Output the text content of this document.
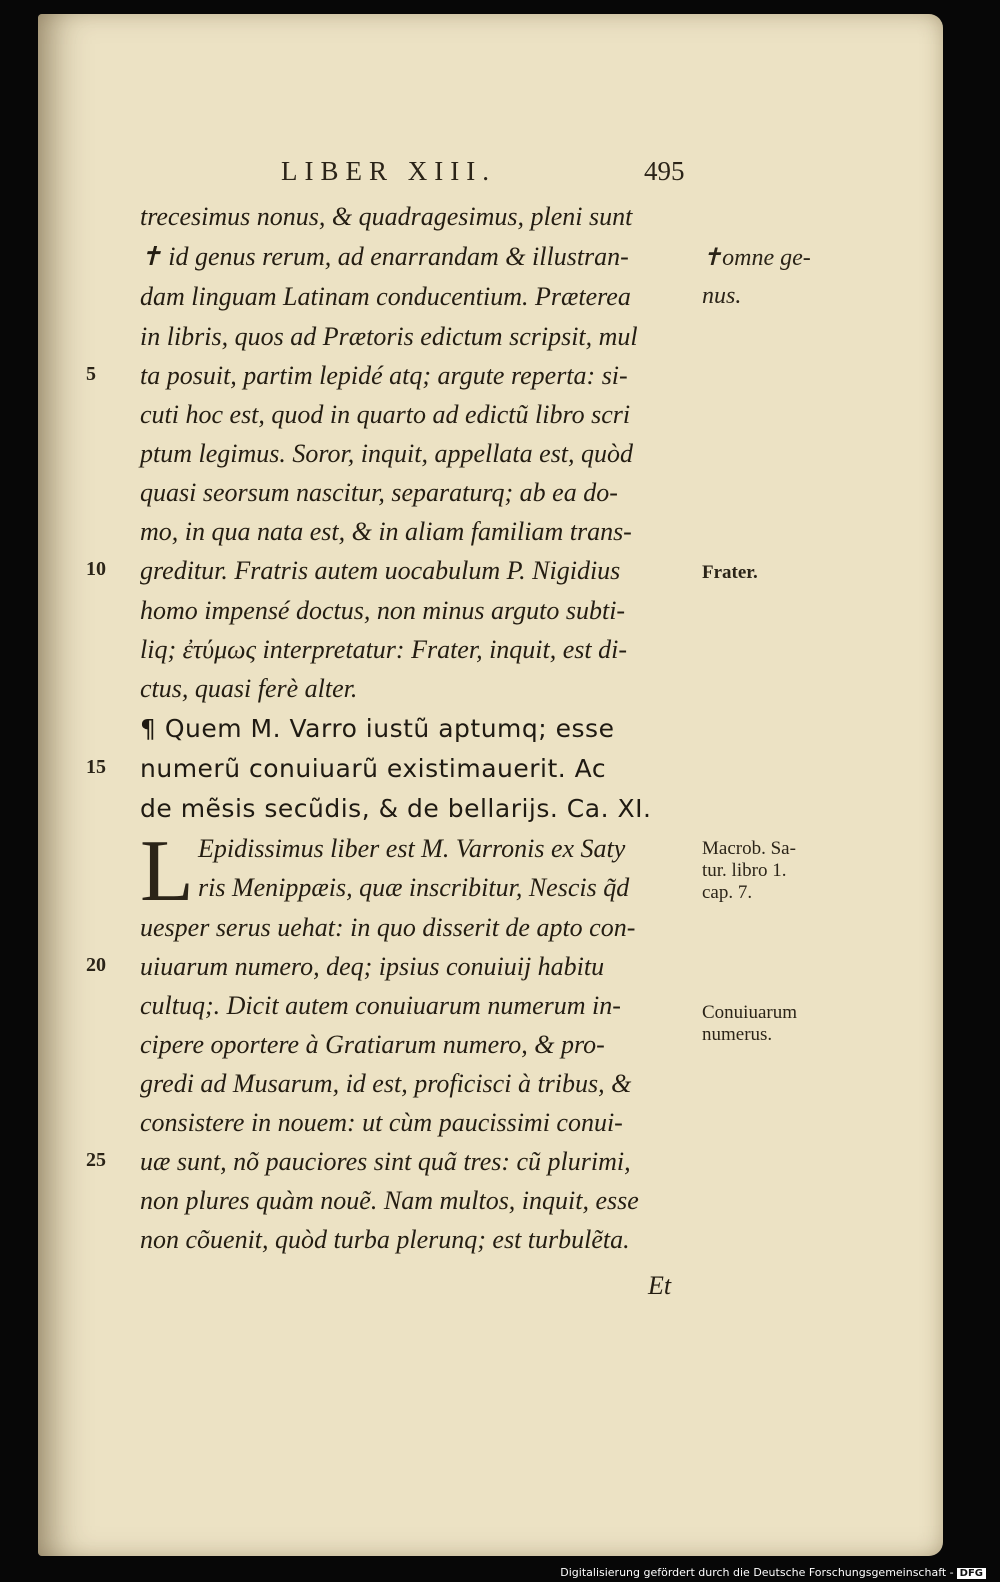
LIBER XIII.	495
trecesimus nonus, & quadragesimus, pleni sunt
✝ id genus rerum, ad enarrandam & illustran-
dam linguam Latinam conducentium. Præterea
in libris, quos ad Prætoris edictum scripsit, mul
ta posuit, partim lepidé atq; argute reperta: si-
cuti hoc est, quod in quarto ad edictũ libro scri
ptum legimus. Soror, inquit, appellata est, quòd
quasi seorsum nascitur, separaturq; ab ea do-
mo, in qua nata est, & in aliam familiam trans-
greditur. Fratris autem uocabulum P. Nigidius
homo impensé doctus, non minus arguto subti-
liq; ἐτύμως interpretatur: Frater, inquit, est di-
ctus, quasi ferè alter.
¶ Quem M. Varro iustũ aptumq; esse
numerũ conuiuarũ existimauerit. Ac
de mẽsis secũdis, & de bellarijs. Ca. XI.
L Epidissimus liber est M. Varronis ex Saty
ris Menippæis, quæ inscribitur, Nescis q̃d
uesper serus uehat: in quo disserit de apto con-
uiuarum numero, deq; ipsius conuiuij habitu
cultuq;. Dicit autem conuiuarum numerum in-
cipere oportere à Gratiarum numero, & pro-
gredi ad Musarum, id est, proficisci à tribus, &
consistere in nouem: ut cùm paucissimi conui-
uæ sunt, nõ pauciores sint quã tres: cũ plurimi,
non plures quàm nouẽ. Nam multos, inquit, esse
non cõuenit, quòd turba plerunq; est turbulẽta.
5
10
15
20
25
✝omne ge-
nus.
Frater.
Macrob. Sa-
tur. libro 1.
cap. 7.
Conuiuarum
numerus.
Et
Digitalisierung gefördert durch die Deutsche Forschungsgemeinschaft - DFG
